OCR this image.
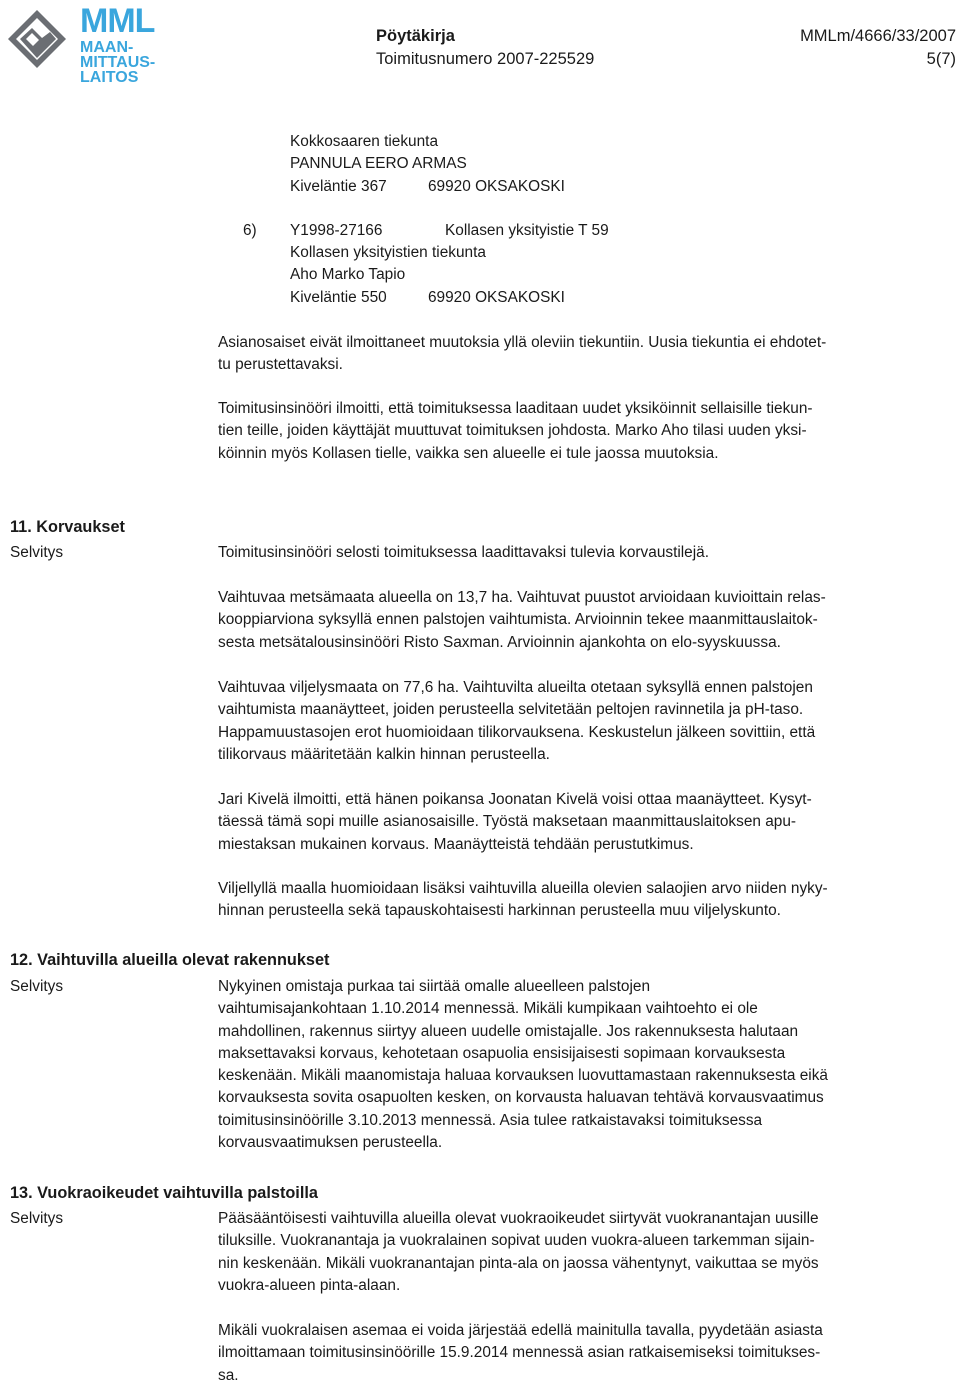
MML
MAAN-
MITTAUS-
LAITOS
Pöytäkirja	MMLm/4666/33/2007
Toimitusnumero 2007-225529	5(7)
Kokkosaaren tiekunta
PANNULA EERO ARMAS
Kiveläntie 367	69920 OKSAKOSKI
6) Y1998-27166	Kollasen yksityistie T 59
Kollasen yksityistien tiekunta
Aho Marko Tapio
Kiveläntie 550	69920 OKSAKOSKI
Asianosaiset eivät ilmoittaneet muutoksia yllä oleviin tiekuntiin. Uusia tiekuntia ei ehdotet-
tu perustettavaksi.
Toimitusinsinööri ilmoitti, että toimituksessa laaditaan uudet yksiköinnit sellaisille tiekun-
tien teille, joiden käyttäjät muuttuvat toimituksen johdosta. Marko Aho tilasi uuden yksi-
köinnin myös Kollasen tielle, vaikka sen alueelle ei tule jaossa muutoksia.
11. Korvaukset
Selvitys	Toimitusinsinööri selosti toimituksessa laadittavaksi tulevia korvaustilejä.
Vaihtuvaa metsämaata alueella on 13,7 ha. Vaihtuvat puustot arvioidaan kuvioittain relas-
kooppiarviona syksyllä ennen palstojen vaihtumista. Arvioinnin tekee maanmittauslaitok-
sesta metsätalousinsinööri Risto Saxman. Arvioinnin ajankohta on elo-syyskuussa.
Vaihtuvaa viljelysmaata on 77,6 ha. Vaihtuvilta alueilta otetaan syksyllä ennen palstojen
vaihtumista maanäytteet, joiden perusteella selvitetään peltojen ravinnetila ja pH-taso.
Happamuustasojen erot huomioidaan tilikorvauksena. Keskustelun jälkeen sovittiin, että
tilikorvaus määritetään kalkin hinnan perusteella.
Jari Kivelä ilmoitti, että hänen poikansa Joonatan Kivelä voisi ottaa maanäytteet. Kysyt-
täessä tämä sopi muille asianosaisille. Työstä maksetaan maanmittauslaitoksen apu-
miestaksan mukainen korvaus. Maanäytteistä tehdään perustutkimus.
Viljellyllä maalla huomioidaan lisäksi vaihtuvilla alueilla olevien salaojien arvo niiden nyky-
hinnan perusteella sekä tapauskohtaisesti harkinnan perusteella muu viljelyskunto.
12. Vaihtuvilla alueilla olevat rakennukset
Selvitys	Nykyinen omistaja purkaa tai siirtää omalle alueelleen palstojen
vaihtumisajankohtaan 1.10.2014 mennessä. Mikäli kumpikaan vaihtoehto ei ole
mahdollinen, rakennus siirtyy alueen uudelle omistajalle. Jos rakennuksesta halutaan
maksettavaksi korvaus, kehotetaan osapuolia ensisijaisesti sopimaan korvauksesta
keskenään. Mikäli maanomistaja haluaa korvauksen luovuttamastaan rakennuksesta eikä
korvauksesta sovita osapuolten kesken, on korvausta haluavan tehtävä korvausvaatimus
toimitusinsinöörille 3.10.2013 mennessä. Asia tulee ratkaistavaksi toimituksessa
korvausvaatimuksen perusteella.
13. Vuokraoikeudet vaihtuvilla palstoilla
Selvitys	Pääsääntöisesti vaihtuvilla alueilla olevat vuokraoikeudet siirtyvät vuokranantajan uusille
tiluksille. Vuokranantaja ja vuokralainen sopivat uuden vuokra-alueen tarkemman sijain-
nin keskenään. Mikäli vuokranantajan pinta-ala on jaossa vähentynyt, vaikuttaa se myös
vuokra-alueen pinta-alaan.
Mikäli vuokralaisen asemaa ei voida järjestää edellä mainitulla tavalla, pyydetään asiasta
ilmoittamaan toimitusinsinöörille 15.9.2014 mennessä asian ratkaisemiseksi toimitukses-
sa.
